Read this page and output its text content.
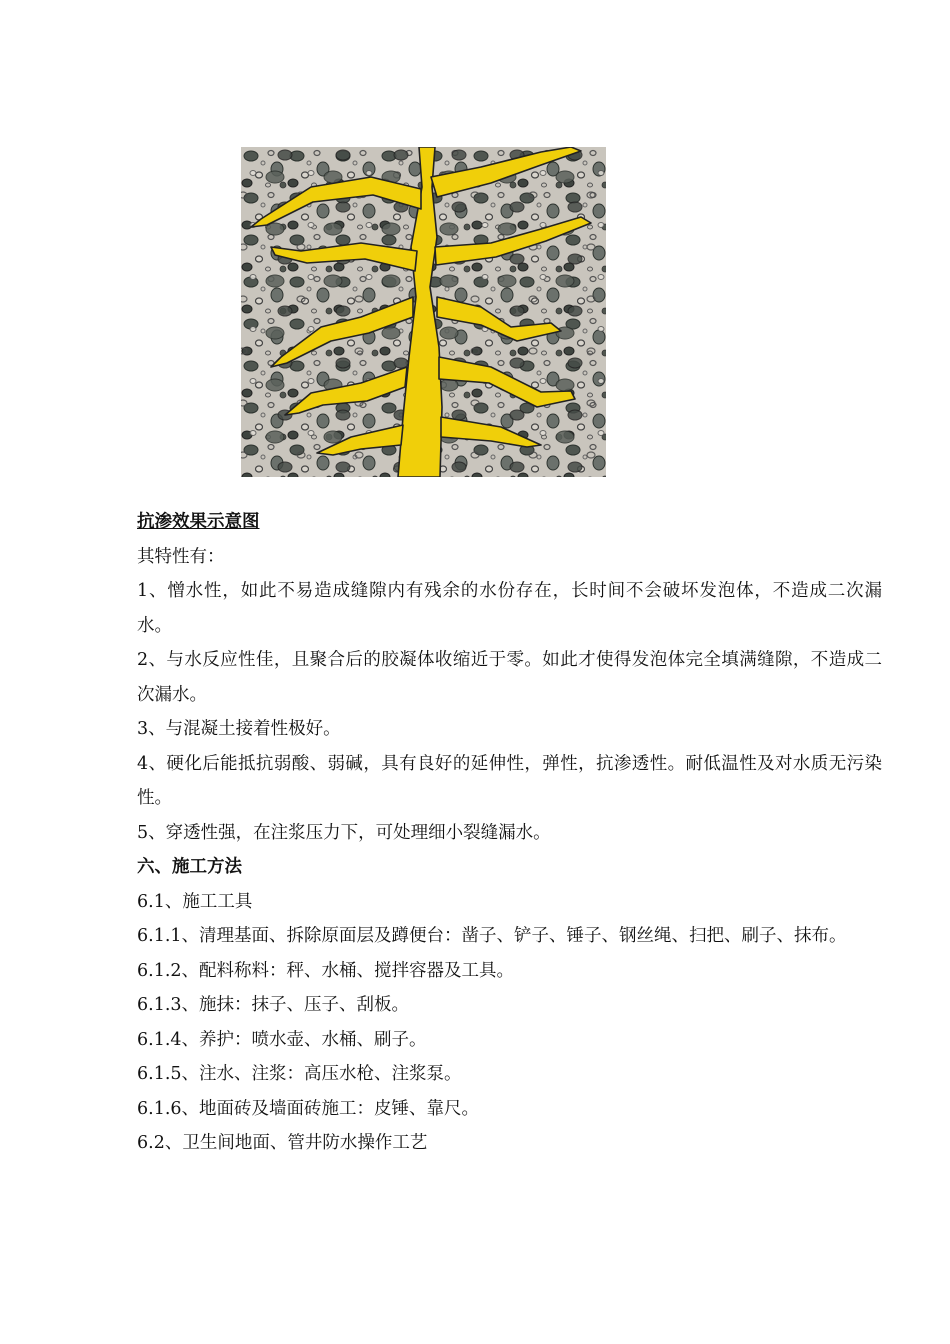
抗渗效果示意图

其特性有：

1、憎水性，如此不易造成缝隙内有残余的水份存在，长时间不会破坏发泡体，不造成二次漏水。

2、与水反应性佳，且聚合后的胶凝体收缩近于零。如此才使得发泡体完全填满缝隙，不造成二次漏水。

3、与混凝土接着性极好。

4、硬化后能抵抗弱酸、弱碱，具有良好的延伸性，弹性，抗渗透性。耐低温性及对水质无污染性。

5、穿透性强，在注浆压力下，可处理细小裂缝漏水。

六、施工方法

6.1、施工工具

6.1.1、清理基面、拆除原面层及蹲便台：凿子、铲子、锤子、钢丝绳、扫把、刷子、抹布。

6.1.2、配料称料：秤、水桶、搅拌容器及工具。

6.1.3、施抹：抹子、压子、刮板。

6.1.4、养护：喷水壶、水桶、刷子。

6.1.5、注水、注浆：高压水枪、注浆泵。

6.1.6、地面砖及墙面砖施工：皮锤、靠尺。

6.2、卫生间地面、管井防水操作工艺
